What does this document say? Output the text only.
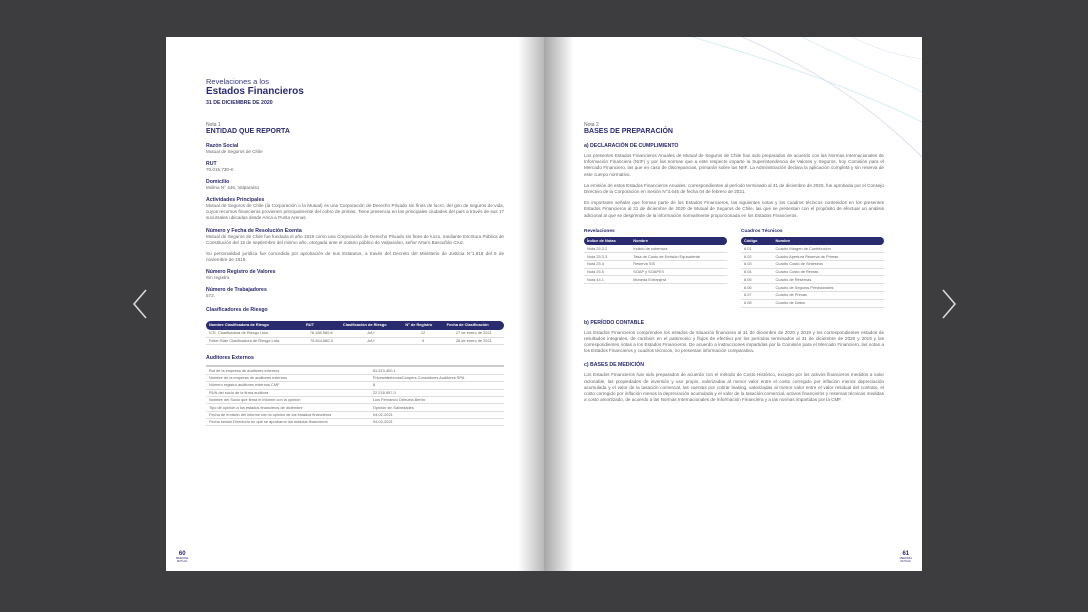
Revelaciones a los
Estados Financieros
31 DE DICIEMBRE DE 2020
Nota 1
ENTIDAD QUE REPORTA
Razón Social
Mutual de Seguros de Chile
RUT
70.015.730-K
Domicilio
Molina N° 446, Valparaíso
Actividades Principales
Mutual de Seguros de Chile (la Corporación o la Mutual) es una Corporación de Derecho Privado sin fines de lucro, del giro de seguros de vida, cuyos recursos financieros provienen principalmente del cobro de primas. Tiene presencia en las principales ciudades del país a través de sus 17 sucursales ubicadas desde Arica a Punta Arenas.
Número y Fecha de Resolución Exenta
Mutual de Seguros de Chile fue fundada el año 1919 como una Corporación de Derecho Privado sin fines de lucro, mediante Escritura Pública de Constitución del 15 de septiembre del mismo año, otorgada ante el notario público de Valparaíso, señor Arturo Bascuñán Cruz.
Su personalidad jurídica fue concedida por aprobación de sus Estatutos, a través del Decreto del Ministerio de Justicia N°1.818 del 5 de noviembre de 1919.
Número Registro de Valores
Sin registro.
Número de Trabajadores
572.
Clasificadores de Riesgo
Nombre Clasificadora de Riesgo	RUT	Clasificación de Riesgo	N° de Registro	Fecha de Clasificación
ICR, Clasificadora de Riesgo Ltda.	76.188.980-K	AA+	12	27 de enero de 2021
Feller-Rate Clasificadora de Riesgo Ltda.	79.844.680-0	AA+	9	26 de enero de 2021
Auditores Externos
Rut de la empresa de auditores externos	81.513.400-1
Nombre de la empresa de auditores externos	PricewaterhouseCoopers Consultores Auditores SPA
Número registro auditores externos CMF	8
RUN del socio de la firma auditora	22.218.957-0
Nombre del Socio que firma el informe con la opinión	Luis Fernando Orihuela Bertín
Tipo de opinión a los estados financieros de diciembre	Opinión sin Salvedades
Fecha de emisión del informe con la opinión de los estados financieros	04-02-2021
Fecha sesión Directorio en que se aprobaron los estados financieros	04-02-2021
60
MEMORIA
MUTUAL
Nota 2
BASES DE PREPARACIÓN
a) DECLARACIÓN DE CUMPLIMIENTO
Los presentes Estados Financieros Anuales de Mutual de Seguros de Chile han sido preparados de acuerdo con las Normas Internacionales de Información Financiera (NIIF) y por las normas que a este respecto imparte la Superintendencia de Valores y Seguros, hoy Comisión para el Mercado Financiero, las que en caso de discrepancias, primarán sobre las NIIF. La Administración declara la aplicación completa y sin reserva de este cuerpo normativo.
La emisión de estos Estados Financieros Anuales, correspondientes al período terminado al 31 de diciembre de 2020, fue aprobada por el Consejo Directivo de la Corporación en Sesión N°3.645 de fecha 04 de febrero de 2021.
Es importante señalar que forman parte de los Estados Financieros, las siguientes notas y los cuadros técnicos contenidos en los presentes Estados Financieros al 31 de diciembre de 2020 de Mutual de Seguros de Chile, las que se presentan con el propósito de efectuar un análisis adicional al que se desprende de la información normalmente proporcionada en los Estados Financieros.
Revelaciones
Índice de Notas	Nombre
Nota 25.3.2	Indicio de cobertura
Nota 25.3.3	Tasa de Costo de Emisión Equivalente
Nota 25.4	Reserva SIS
Nota 25.5	SOAP y SOAPEX
Nota 44.1	Moneda Extranjera
Cuadros Técnicos
Código	Nombre
6.01	Cuadro Margen de Contribución
6.02	Cuadro Apertura Reserva de Primas
6.03	Cuadro Costo de Siniestros
6.04	Cuadro Costo de Rentas
6.05	Cuadro de Reservas
6.06	Cuadro de Seguros Previsionales
6.07	Cuadro de Primas
6.08	Cuadro de Datos
b) PERÍODO CONTABLE
Los Estados Financieros comprenden los estados de situación financiera al 31 de diciembre de 2020 y 2019 y los correspondientes estados de resultados integrales, de cambios en el patrimonio y flujos de efectivo por los períodos terminados al 31 de diciembre de 2020 y 2019 y las correspondientes notas a los Estados Financieros. De acuerdo a instrucciones impartidas por la Comisión para el Mercado Financiero, las notas a los Estados Financieros y cuadros técnicos, no presentan información comparativa.
c) BASES DE MEDICIÓN
Los Estados Financieros han sido preparados de acuerdo con el método de Costo Histórico, excepto por los activos financieros medidos a valor razonable, las propiedades de inversión y uso propio, valorizadas al menor valor entre el costo corregido por inflación menos depreciación acumulada y el valor de la tasación comercial, las cuentas por cobrar leasing, valorizadas al menor valor entre el valor residual del contrato, el costo corregido por inflación menos la depreciación acumulada y el valor de la tasación comercial, activos financieros y reservas técnicas medidas a costo amortizado, de acuerdo a las Normas Internacionales de Información Financiera y a las normas impartidas por la CMF.
61
MEMORIA
MUTUAL
